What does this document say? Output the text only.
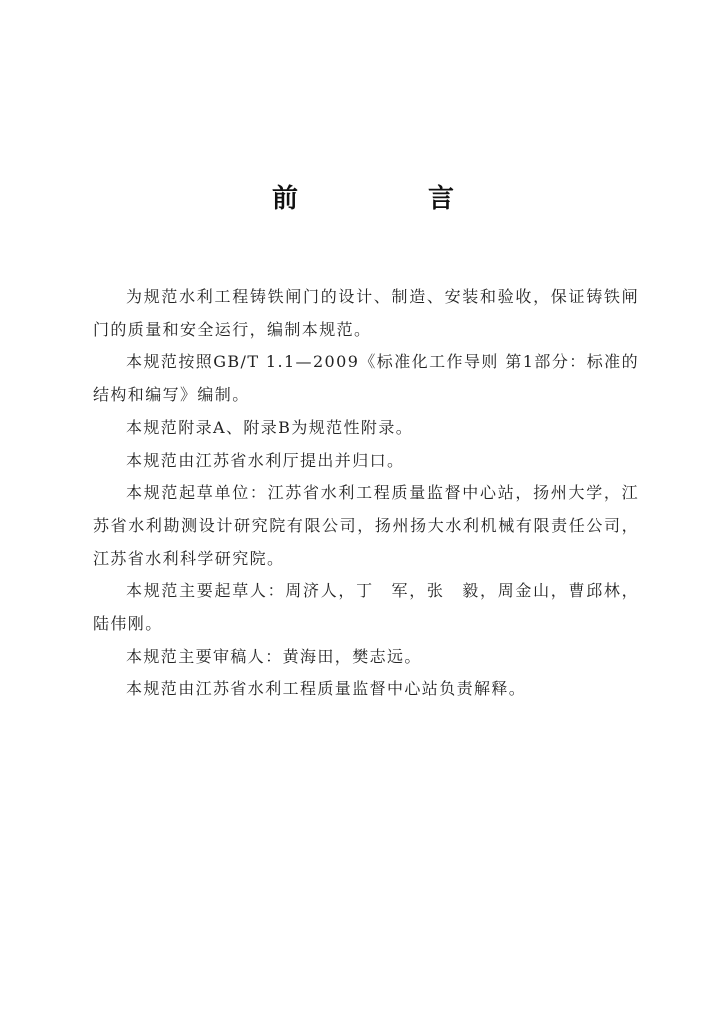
前　言

为规范水利工程铸铁闸门的设计、制造、安装和验收，保证铸铁闸门的质量和安全运行，编制本规范。

本规范按照GB/T 1.1—2009《标准化工作导则 第1部分：标准的结构和编写》编制。

本规范附录A、附录B为规范性附录。

本规范由江苏省水利厅提出并归口。

本规范起草单位：江苏省水利工程质量监督中心站，扬州大学，江苏省水利勘测设计研究院有限公司，扬州扬大水利机械有限责任公司，江苏省水利科学研究院。

本规范主要起草人：周济人，丁　军，张　毅，周金山，曹邱林，陆伟刚。

本规范主要审稿人：黄海田，樊志远。

本规范由江苏省水利工程质量监督中心站负责解释。
